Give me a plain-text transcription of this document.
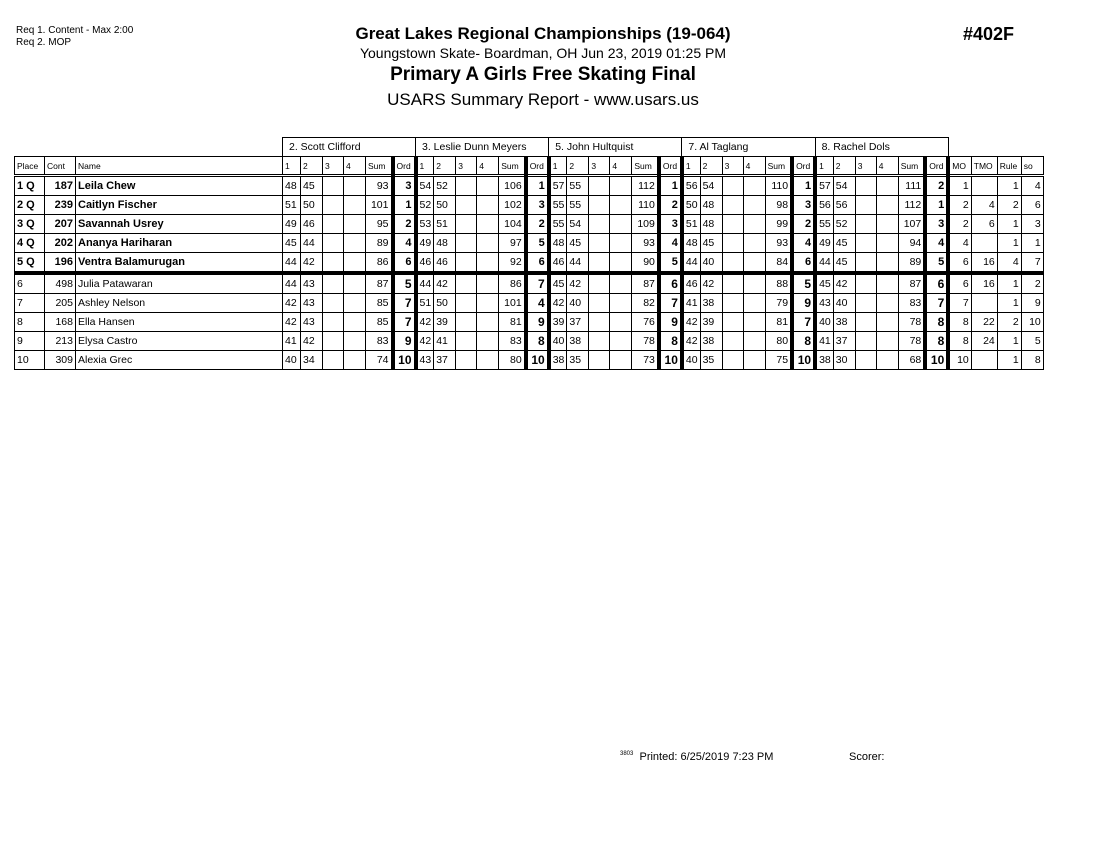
Req 1. Content - Max 2:00
Req 2. MOP	Great Lakes Regional Championships (19-064)
Youngstown Skate- Boardman, OH Jun 23, 2019 01:25 PM
Primary A Girls Free Skating Final
USARS Summary Report - www.usars.us
#402F
			2. Scott Clifford						3. Leslie Dunn Meyers						5. John Hultquist						7. Al Taglang						8. Rachel Dols									
Place	Cont	Name	1	2	3	4	Sum	Ord	1	2	3	4	Sum	Ord	1	2	3	4	Sum	Ord	1	2	3	4	Sum	Ord	1	2	3	4	Sum	Ord	MO	TMO	Rule	so
1 Q	187	Leila Chew	48	45			93	3	54	52			106	1	57	55			112	1	56	54			110	1	57	54			111	2	1		1	4
2 Q	239	Caitlyn Fischer	51	50			101	1	52	50			102	3	55	55			110	2	50	48			98	3	56	56			112	1	2	4	2	6
3 Q	207	Savannah Usrey	49	46			95	2	53	51			104	2	55	54			109	3	51	48			99	2	55	52			107	3	2	6	1	3
4 Q	202	Ananya Hariharan	45	44			89	4	49	48			97	5	48	45			93	4	48	45			93	4	49	45			94	4	4		1	1
5 Q	196	Ventra Balamurugan	44	42			86	6	46	46			92	6	46	44			90	5	44	40			84	6	44	45			89	5	6	16	4	7
6	498	Julia Patawaran	44	43			87	5	44	42			86	7	45	42			87	6	46	42			88	5	45	42			87	6	6	16	1	2
7	205	Ashley Nelson	42	43			85	7	51	50			101	4	42	40			82	7	41	38			79	9	43	40			83	7	7		1	9
8	168	Ella Hansen	42	43			85	7	42	39			81	9	39	37			76	9	42	39			81	7	40	38			78	8	8	22	2	10
9	213	Elysa Castro	41	42			83	9	42	41			83	8	40	38			78	8	42	38			80	8	41	37			78	8	8	24	1	5
10	309	Alexia Grec	40	34			74	10	43	37			80	10	38	35			73	10	40	35			75	10	38	30			68	10	10		1	8
$^{3803}$ Printed: 6/25/2019 7:23 PM	Scorer:
